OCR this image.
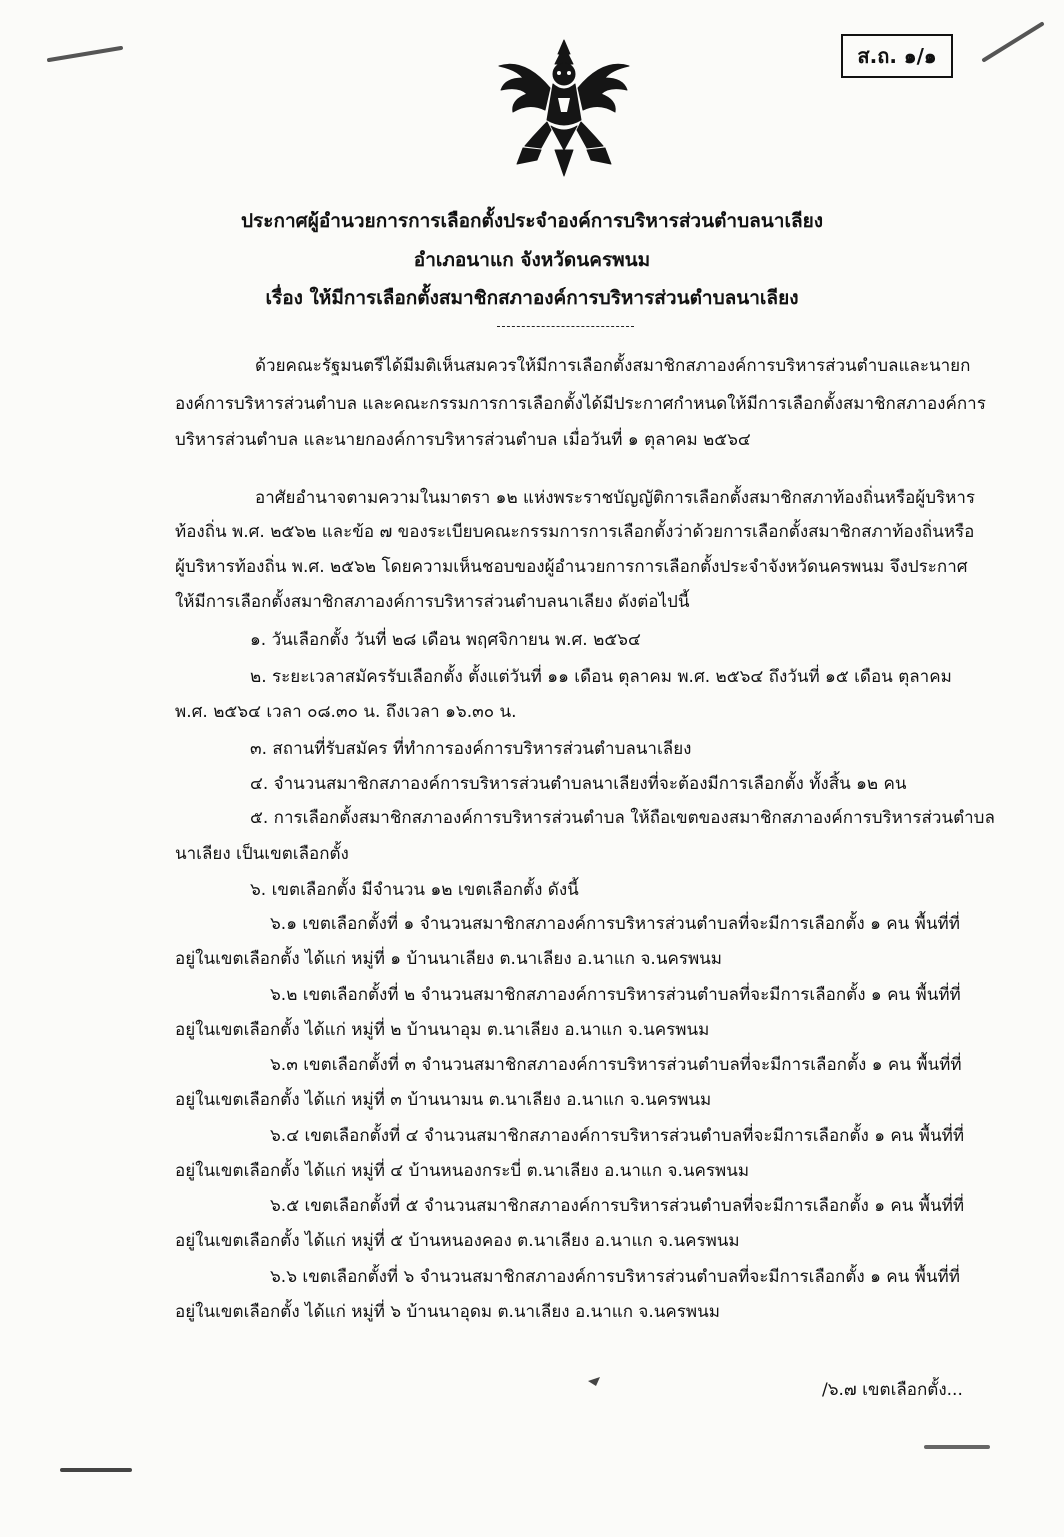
ส.ถ. ๑/๑
ประกาศผู้อำนวยการการเลือกตั้งประจำองค์การบริหารส่วนตำบลนาเลียง
อำเภอนาแก จังหวัดนครพนม
เรื่อง ให้มีการเลือกตั้งสมาชิกสภาองค์การบริหารส่วนตำบลนาเลียง
ด้วยคณะรัฐมนตรีได้มีมติเห็นสมควรให้มีการเลือกตั้งสมาชิกสภาองค์การบริหารส่วนตำบลและนายก
องค์การบริหารส่วนตำบล และคณะกรรมการการเลือกตั้งได้มีประกาศกำหนดให้มีการเลือกตั้งสมาชิกสภาองค์การ
บริหารส่วนตำบล และนายกองค์การบริหารส่วนตำบล เมื่อวันที่ ๑ ตุลาคม ๒๕๖๔
อาศัยอำนาจตามความในมาตรา ๑๒ แห่งพระราชบัญญัติการเลือกตั้งสมาชิกสภาท้องถิ่นหรือผู้บริหาร
ท้องถิ่น พ.ศ. ๒๕๖๒ และข้อ ๗ ของระเบียบคณะกรรมการการเลือกตั้งว่าด้วยการเลือกตั้งสมาชิกสภาท้องถิ่นหรือ
ผู้บริหารท้องถิ่น พ.ศ. ๒๕๖๒ โดยความเห็นชอบของผู้อำนวยการการเลือกตั้งประจำจังหวัดนครพนม จึงประกาศ
ให้มีการเลือกตั้งสมาชิกสภาองค์การบริหารส่วนตำบลนาเลียง ดังต่อไปนี้
๑. วันเลือกตั้ง วันที่ ๒๘ เดือน พฤศจิกายน พ.ศ. ๒๕๖๔
๒. ระยะเวลาสมัครรับเลือกตั้ง ตั้งแต่วันที่ ๑๑ เดือน ตุลาคม พ.ศ. ๒๕๖๔ ถึงวันที่ ๑๕ เดือน ตุลาคม
พ.ศ. ๒๕๖๔ เวลา ๐๘.๓๐ น. ถึงเวลา ๑๖.๓๐ น.
๓. สถานที่รับสมัคร ที่ทำการองค์การบริหารส่วนตำบลนาเลียง
๔. จำนวนสมาชิกสภาองค์การบริหารส่วนตำบลนาเลียงที่จะต้องมีการเลือกตั้ง ทั้งสิ้น ๑๒ คน
๕. การเลือกตั้งสมาชิกสภาองค์การบริหารส่วนตำบล ให้ถือเขตของสมาชิกสภาองค์การบริหารส่วนตำบล
นาเลียง เป็นเขตเลือกตั้ง
๖. เขตเลือกตั้ง มีจำนวน ๑๒ เขตเลือกตั้ง ดังนี้
๖.๑ เขตเลือกตั้งที่ ๑ จำนวนสมาชิกสภาองค์การบริหารส่วนตำบลที่จะมีการเลือกตั้ง ๑ คน พื้นที่ที่
อยู่ในเขตเลือกตั้ง ได้แก่ หมู่ที่ ๑ บ้านนาเลียง ต.นาเลียง อ.นาแก จ.นครพนม
๖.๒ เขตเลือกตั้งที่ ๒ จำนวนสมาชิกสภาองค์การบริหารส่วนตำบลที่จะมีการเลือกตั้ง ๑ คน พื้นที่ที่
อยู่ในเขตเลือกตั้ง ได้แก่ หมู่ที่ ๒ บ้านนาอุม ต.นาเลียง อ.นาแก จ.นครพนม
๖.๓ เขตเลือกตั้งที่ ๓ จำนวนสมาชิกสภาองค์การบริหารส่วนตำบลที่จะมีการเลือกตั้ง ๑ คน พื้นที่ที่
อยู่ในเขตเลือกตั้ง ได้แก่ หมู่ที่ ๓ บ้านนามน ต.นาเลียง อ.นาแก จ.นครพนม
๖.๔ เขตเลือกตั้งที่ ๔ จำนวนสมาชิกสภาองค์การบริหารส่วนตำบลที่จะมีการเลือกตั้ง ๑ คน พื้นที่ที่
อยู่ในเขตเลือกตั้ง ได้แก่ หมู่ที่ ๔ บ้านหนองกระบี่ ต.นาเลียง อ.นาแก จ.นครพนม
๖.๕ เขตเลือกตั้งที่ ๕ จำนวนสมาชิกสภาองค์การบริหารส่วนตำบลที่จะมีการเลือกตั้ง ๑ คน พื้นที่ที่
อยู่ในเขตเลือกตั้ง ได้แก่ หมู่ที่ ๕ บ้านหนองคอง ต.นาเลียง อ.นาแก จ.นครพนม
๖.๖ เขตเลือกตั้งที่ ๖ จำนวนสมาชิกสภาองค์การบริหารส่วนตำบลที่จะมีการเลือกตั้ง ๑ คน พื้นที่ที่
อยู่ในเขตเลือกตั้ง ได้แก่ หมู่ที่ ๖ บ้านนาอุดม ต.นาเลียง อ.นาแก จ.นครพนม
/๖.๗ เขตเลือกตั้ง...
